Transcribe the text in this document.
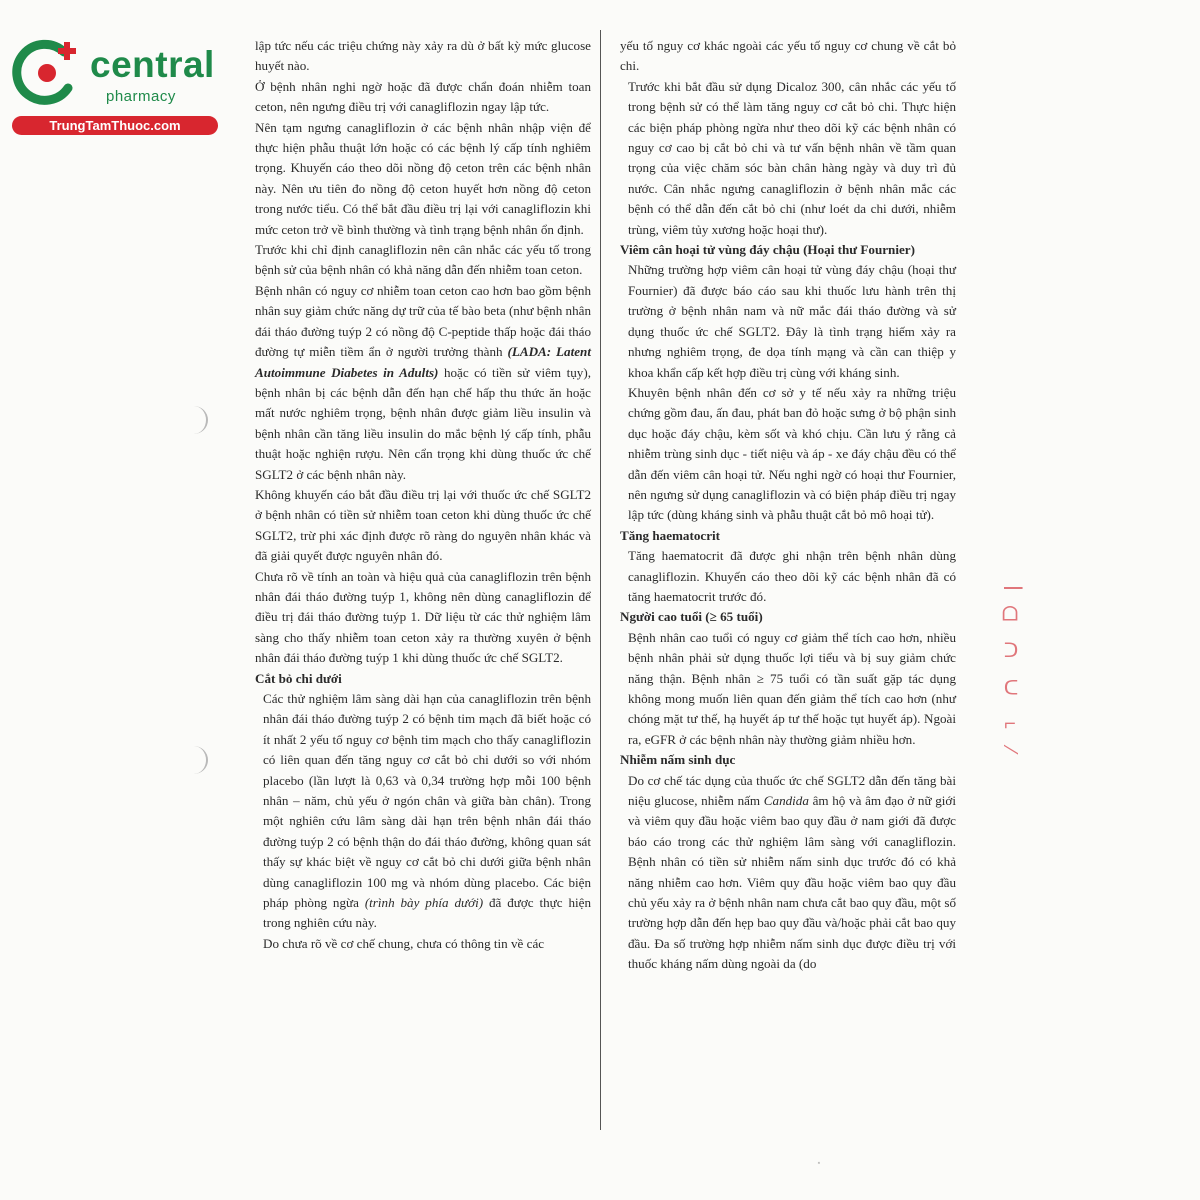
central
pharmacy
TrungTamThuoc.com
ꟾ ᗝ ᑐ ᑕ ⌐ ⁄

lập tức nếu các triệu chứng này xảy ra dù ở bất kỳ mức glucose huyết nào.

Ở bệnh nhân nghi ngờ hoặc đã được chẩn đoán nhiễm toan ceton, nên ngưng điều trị với canagliflozin ngay lập tức.

Nên tạm ngưng canagliflozin ở các bệnh nhân nhập viện để thực hiện phẫu thuật lớn hoặc có các bệnh lý cấp tính nghiêm trọng. Khuyến cáo theo dõi nồng độ ceton trên các bệnh nhân này. Nên ưu tiên đo nồng độ ceton huyết hơn nồng độ ceton trong nước tiểu. Có thể bắt đầu điều trị lại với canagliflozin khi mức ceton trở về bình thường và tình trạng bệnh nhân ổn định.

Trước khi chỉ định canagliflozin nên cân nhắc các yếu tố trong bệnh sử của bệnh nhân có khả năng dẫn đến nhiễm toan ceton.

Bệnh nhân có nguy cơ nhiễm toan ceton cao hơn bao gồm bệnh nhân suy giảm chức năng dự trữ của tế bào beta (như bệnh nhân đái tháo đường tuýp 2 có nồng độ C-peptide thấp hoặc đái tháo đường tự miễn tiềm ẩn ở người trưởng thành (LADA: Latent Autoimmune Diabetes in Adults) hoặc có tiền sử viêm tụy), bệnh nhân bị các bệnh dẫn đến hạn chế hấp thu thức ăn hoặc mất nước nghiêm trọng, bệnh nhân được giảm liều insulin và bệnh nhân cần tăng liều insulin do mắc bệnh lý cấp tính, phẫu thuật hoặc nghiện rượu. Nên cẩn trọng khi dùng thuốc ức chế SGLT2 ở các bệnh nhân này.

Không khuyến cáo bắt đầu điều trị lại với thuốc ức chế SGLT2 ở bệnh nhân có tiền sử nhiễm toan ceton khi dùng thuốc ức chế SGLT2, trừ phi xác định được rõ ràng do nguyên nhân khác và đã giải quyết được nguyên nhân đó.

Chưa rõ về tính an toàn và hiệu quả của canagliflozin trên bệnh nhân đái tháo đường tuýp 1, không nên dùng canagliflozin để điều trị đái tháo đường tuýp 1. Dữ liệu từ các thử nghiệm lâm sàng cho thấy nhiễm toan ceton xảy ra thường xuyên ở bệnh nhân đái tháo đường tuýp 1 khi dùng thuốc ức chế SGLT2.

Cắt bỏ chi dưới

Các thử nghiệm lâm sàng dài hạn của canagliflozin trên bệnh nhân đái tháo đường tuýp 2 có bệnh tim mạch đã biết hoặc có ít nhất 2 yếu tố nguy cơ bệnh tim mạch cho thấy canagliflozin có liên quan đến tăng nguy cơ cắt bỏ chi dưới so với nhóm placebo (lần lượt là 0,63 và 0,34 trường hợp mỗi 100 bệnh nhân – năm, chủ yếu ở ngón chân và giữa bàn chân). Trong một nghiên cứu lâm sàng dài hạn trên bệnh nhân đái tháo đường tuýp 2 có bệnh thận do đái tháo đường, không quan sát thấy sự khác biệt về nguy cơ cắt bỏ chi dưới giữa bệnh nhân dùng canagliflozin 100 mg và nhóm dùng placebo. Các biện pháp phòng ngừa (trình bày phía dưới) đã được thực hiện trong nghiên cứu này.

Do chưa rõ về cơ chế chung, chưa có thông tin về các

yếu tố nguy cơ khác ngoài các yếu tố nguy cơ chung về cắt bỏ chi.

Trước khi bắt đầu sử dụng Dicaloz 300, cân nhắc các yếu tố trong bệnh sử có thể làm tăng nguy cơ cắt bỏ chi. Thực hiện các biện pháp phòng ngừa như theo dõi kỹ các bệnh nhân có nguy cơ cao bị cắt bỏ chi và tư vấn bệnh nhân về tầm quan trọng của việc chăm sóc bàn chân hàng ngày và duy trì đủ nước. Cân nhắc ngưng canagliflozin ở bệnh nhân mắc các bệnh có thể dẫn đến cắt bỏ chi (như loét da chi dưới, nhiễm trùng, viêm tủy xương hoặc hoại thư).

Viêm cân hoại tử vùng đáy chậu (Hoại thư Fournier)

Những trường hợp viêm cân hoại tử vùng đáy chậu (hoại thư Fournier) đã được báo cáo sau khi thuốc lưu hành trên thị trường ở bệnh nhân nam và nữ mắc đái tháo đường và sử dụng thuốc ức chế SGLT2. Đây là tình trạng hiếm xảy ra nhưng nghiêm trọng, đe dọa tính mạng và cần can thiệp y khoa khẩn cấp kết hợp điều trị cùng với kháng sinh.

Khuyên bệnh nhân đến cơ sở y tế nếu xảy ra những triệu chứng gồm đau, ấn đau, phát ban đỏ hoặc sưng ở bộ phận sinh dục hoặc đáy chậu, kèm sốt và khó chịu. Cần lưu ý rằng cả nhiễm trùng sinh dục - tiết niệu và áp - xe đáy chậu đều có thể dẫn đến viêm cân hoại tử. Nếu nghi ngờ có hoại thư Fournier, nên ngưng sử dụng canagliflozin và có biện pháp điều trị ngay lập tức (dùng kháng sinh và phẫu thuật cắt bỏ mô hoại tử).

Tăng haematocrit

Tăng haematocrit đã được ghi nhận trên bệnh nhân dùng canagliflozin. Khuyến cáo theo dõi kỹ các bệnh nhân đã có tăng haematocrit trước đó.

Người cao tuổi (≥ 65 tuổi)

Bệnh nhân cao tuổi có nguy cơ giảm thể tích cao hơn, nhiều bệnh nhân phải sử dụng thuốc lợi tiểu và bị suy giảm chức năng thận. Bệnh nhân ≥ 75 tuổi có tần suất gặp tác dụng không mong muốn liên quan đến giảm thể tích cao hơn (như chóng mặt tư thế, hạ huyết áp tư thế hoặc tụt huyết áp). Ngoài ra, eGFR ở các bệnh nhân này thường giảm nhiều hơn.

Nhiễm nấm sinh dục

Do cơ chế tác dụng của thuốc ức chế SGLT2 dẫn đến tăng bài niệu glucose, nhiễm nấm Candida âm hộ và âm đạo ở nữ giới và viêm quy đầu hoặc viêm bao quy đầu ở nam giới đã được báo cáo trong các thử nghiệm lâm sàng với canagliflozin. Bệnh nhân có tiền sử nhiễm nấm sinh dục trước đó có khả năng nhiễm cao hơn. Viêm quy đầu hoặc viêm bao quy đầu chủ yếu xảy ra ở bệnh nhân nam chưa cắt bao quy đầu, một số trường hợp dẫn đến hẹp bao quy đầu và/hoặc phải cắt bao quy đầu. Đa số trường hợp nhiễm nấm sinh dục được điều trị với thuốc kháng nấm dùng ngoài da (do

⸼
